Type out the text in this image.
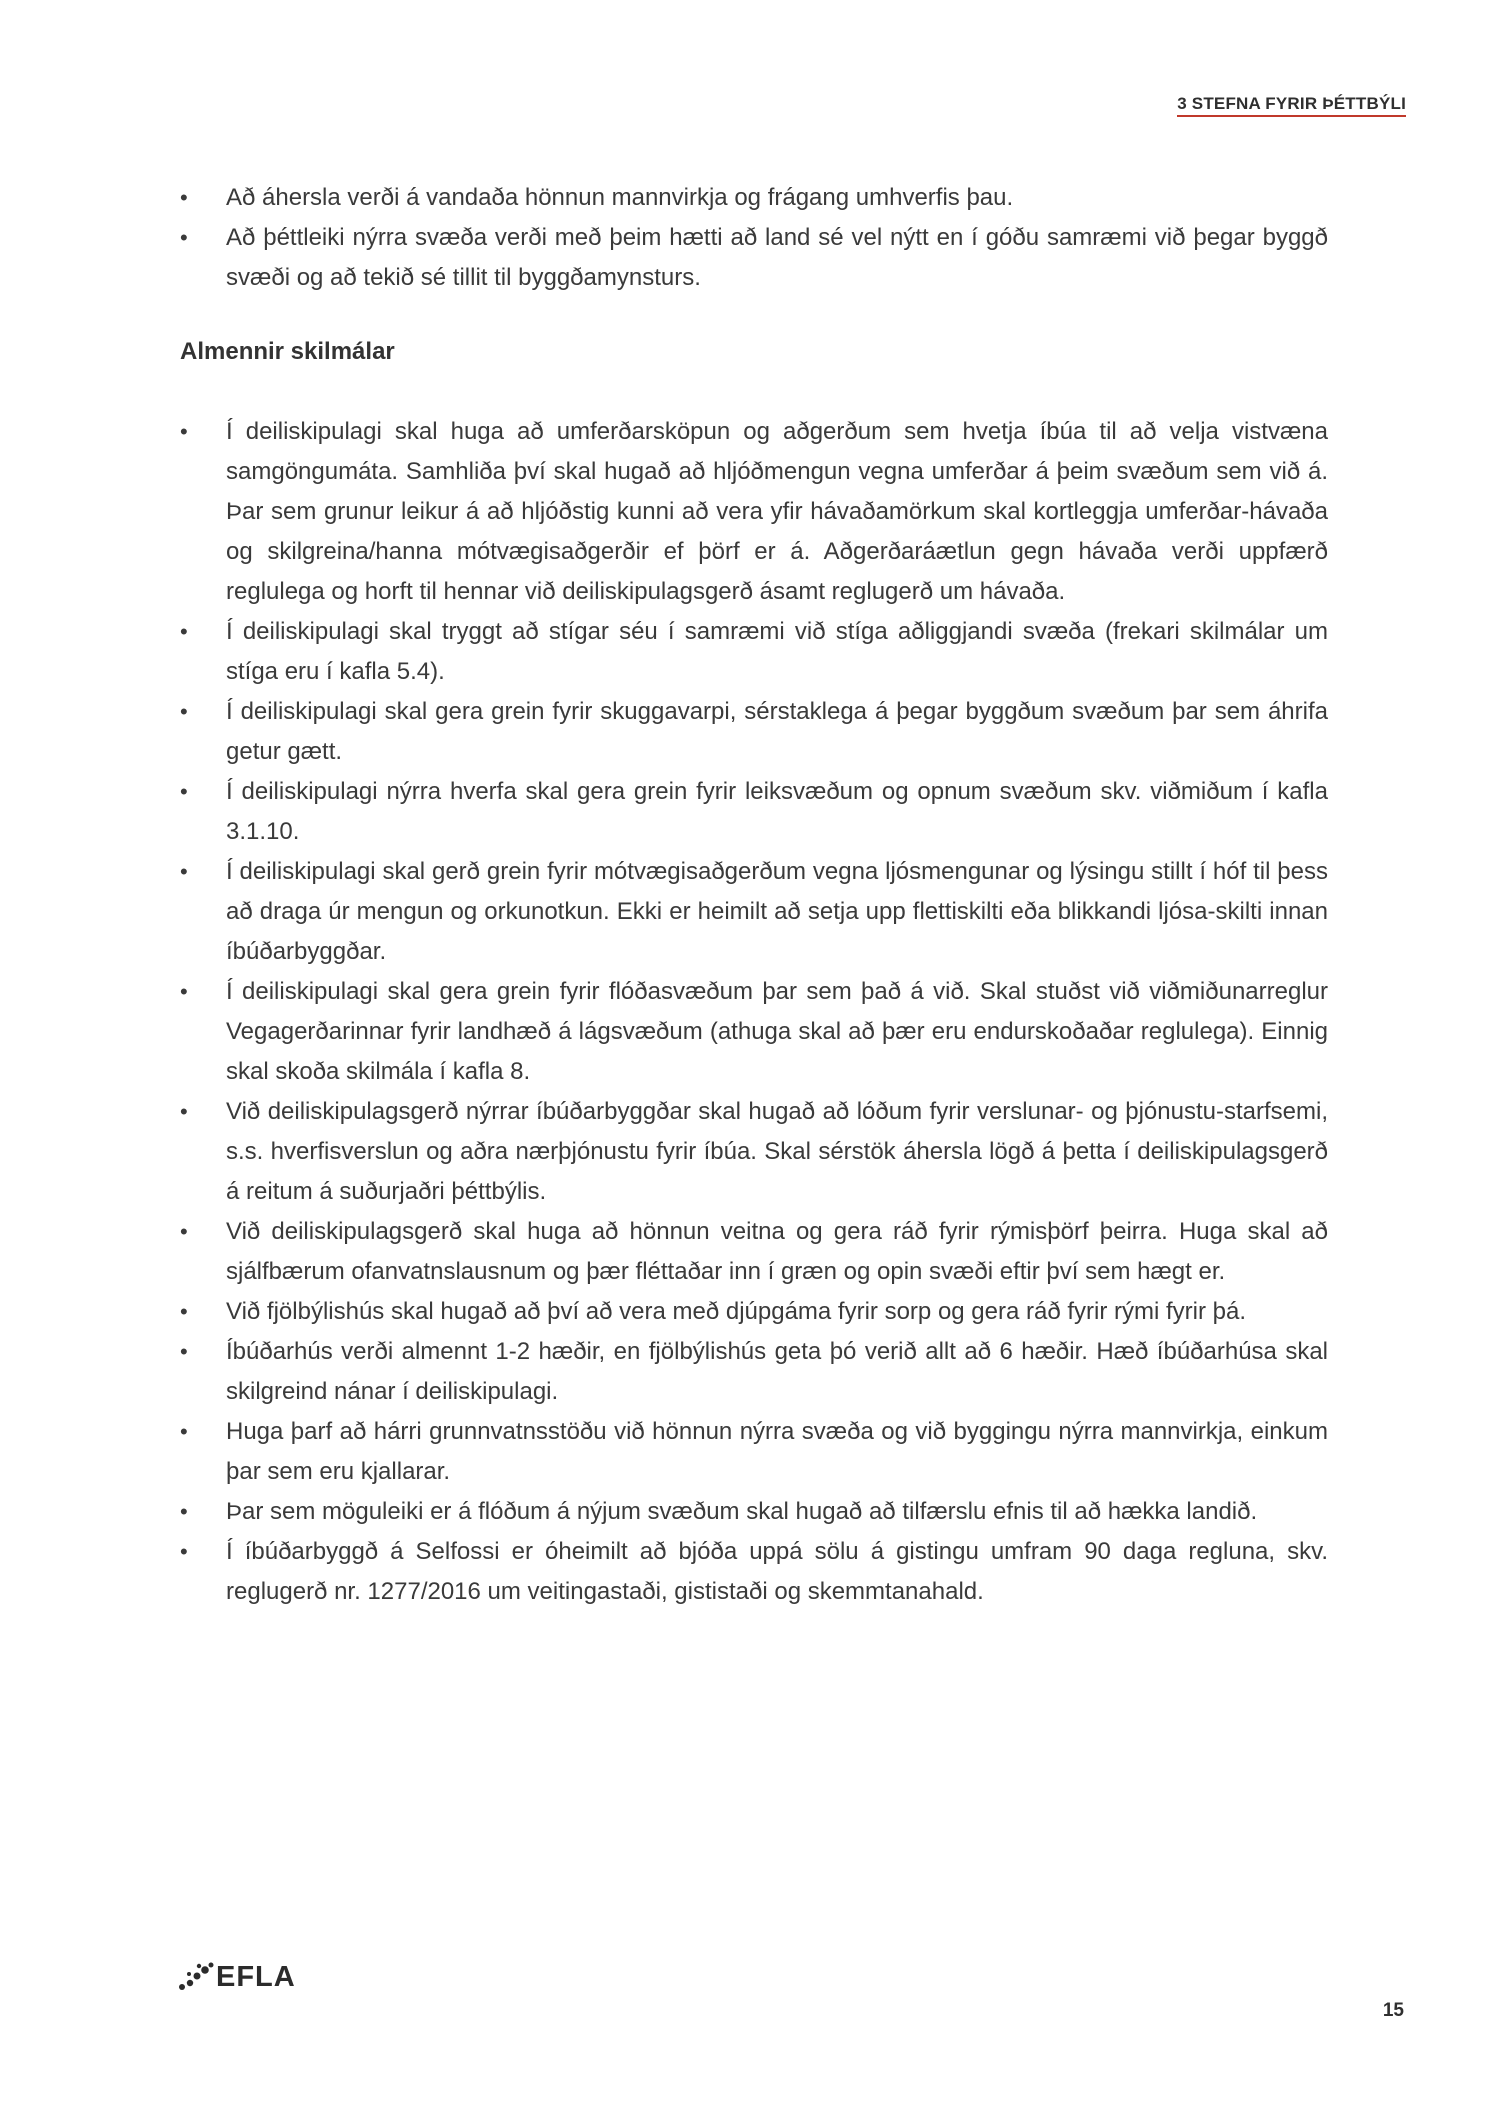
3 STEFNA FYRIR ÞÉTTBÝLI
•	Að áhersla verði á vandaða hönnun mannvirkja og frágang umhverfis þau.
•	Að þéttleiki nýrra svæða verði með þeim hætti að land sé vel nýtt en í góðu samræmi við þegar byggð svæði og að tekið sé tillit til byggðamynsturs.
Almennir skilmálar
•	Í deiliskipulagi skal huga að umferðarsköpun og aðgerðum sem hvetja íbúa til að velja vistvæna samgöngumáta. Samhliða því skal hugað að hljóðmengun vegna umferðar á þeim svæðum sem við á. Þar sem grunur leikur á að hljóðstig kunni að vera yfir hávaðamörkum skal kortleggja umferðar-hávaða og skilgreina/hanna mótvægisaðgerðir ef þörf er á. Aðgerðaráætlun gegn hávaða verði uppfærð reglulega og horft til hennar við deiliskipulagsgerð ásamt reglugerð um hávaða.
•	Í deiliskipulagi skal tryggt að stígar séu í samræmi við stíga aðliggjandi svæða (frekari skilmálar um stíga eru í kafla 5.4).
•	Í deiliskipulagi skal gera grein fyrir skuggavarpi, sérstaklega á þegar byggðum svæðum þar sem áhrifa getur gætt.
•	Í deiliskipulagi nýrra hverfa skal gera grein fyrir leiksvæðum og opnum svæðum skv. viðmiðum í kafla 3.1.10.
•	Í deiliskipulagi skal gerð grein fyrir mótvægisaðgerðum vegna ljósmengunar og lýsingu stillt í hóf til þess að draga úr mengun og orkunotkun. Ekki er heimilt að setja upp flettiskilti eða blikkandi ljósa-skilti innan íbúðarbyggðar.
•	Í deiliskipulagi skal gera grein fyrir flóðasvæðum þar sem það á við. Skal stuðst við viðmiðunarreglur Vegagerðarinnar fyrir landhæð á lágsvæðum (athuga skal að þær eru endurskoðaðar reglulega). Einnig skal skoða skilmála í kafla 8.
•	Við deiliskipulagsgerð nýrrar íbúðarbyggðar skal hugað að lóðum fyrir verslunar- og þjónustu-starfsemi, s.s. hverfisverslun og aðra nærþjónustu fyrir íbúa. Skal sérstök áhersla lögð á þetta í deiliskipulagsgerð á reitum á suðurjaðri þéttbýlis.
•	Við deiliskipulagsgerð skal huga að hönnun veitna og gera ráð fyrir rýmisþörf þeirra. Huga skal að sjálfbærum ofanvatnslausnum og þær fléttaðar inn í græn og opin svæði eftir því sem hægt er.
•	Við fjölbýlishús skal hugað að því að vera með djúpgáma fyrir sorp og gera ráð fyrir rými fyrir þá.
•	Íbúðarhús verði almennt 1-2 hæðir, en fjölbýlishús geta þó verið allt að 6 hæðir. Hæð íbúðarhúsa skal skilgreind nánar í deiliskipulagi.
•	Huga þarf að hárri grunnvatnsstöðu við hönnun nýrra svæða og við byggingu nýrra mannvirkja, einkum þar sem eru kjallarar.
•	Þar sem möguleiki er á flóðum á nýjum svæðum skal hugað að tilfærslu efnis til að hækka landið.
•	Í íbúðarbyggð á Selfossi er óheimilt að bjóða uppá sölu á gistingu umfram 90 daga regluna, skv. reglugerð nr. 1277/2016 um veitingastaði, gististaði og skemmtanahald.
EFLA
15
